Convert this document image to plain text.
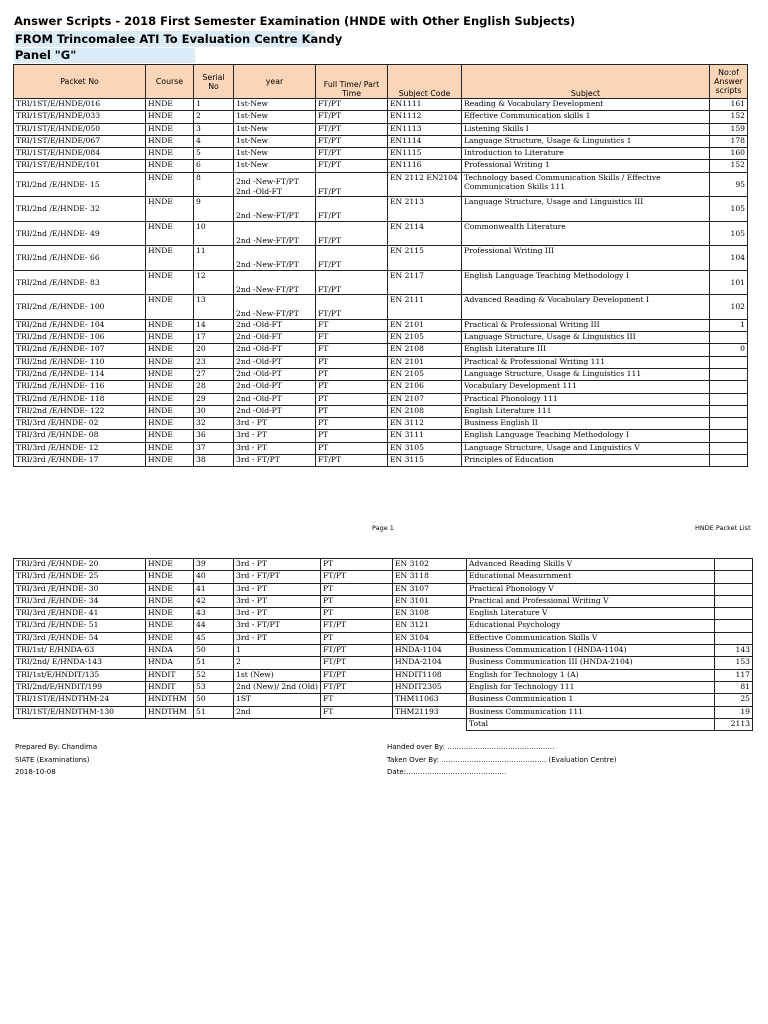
Answer Scripts - 2018 First Semester Examination (HNDE with Other English Subjects)
FROM Trincomalee ATI To Evaluation Centre Kandy
Panel "G"
Packet No	Course	Serial No	year	Full Time/ Part Time	Subject Code	Subject	No:of Answer scripts
TRI/1ST/E/HNDE/016	HNDE	1	1st-New	FT/PT	EN1111	Reading & Vocabulary Development	161
TRI/1ST/E/HNDE/033	HNDE	2	1st-New	FT/PT	EN1112	Effective Communication skills 1	152
TRI/1ST/E/HNDE/050	HNDE	3	1st-New	FT/PT	EN1113	Listening Skills I	159
TRI/1ST/E/HNDE/067	HNDE	4	1st-New	FT/PT	EN1114	Language Structure, Usage & Linguistics 1	178
TRI/1ST/E/HNDE/084	HNDE	5	1st-New	FT/PT	EN1115	Introduction to Literature	160
TRI/1ST/E/HNDE/101	HNDE	6	1st-New	FT/PT	EN1116	Professional Writing 1	152
TRI/2nd /E/HNDE- 15	HNDE	8	2nd -New-FT/PT 2nd -Old-FT	FT/PT	EN 2112 EN2104	Technology based Communication Skills / Effective Communication Skills 111	95
TRI/2nd /E/HNDE- 32	HNDE	9	2nd -New-FT/PT	FT/PT	EN 2113	Language Structure, Usage and Linguistics III	105
TRI/2nd /E/HNDE- 49	HNDE	10	2nd -New-FT/PT	FT/PT	EN 2114	Commonwealth Literature	105
TRI/2nd /E/HNDE- 66	HNDE	11	2nd -New-FT/PT	FT/PT	EN 2115	Professional Writing III	104
TRI/2nd /E/HNDE- 83	HNDE	12	2nd -New-FT/PT	FT/PT	EN 2117	English Language Teaching Methodology I	101
TRI/2nd /E/HNDE- 100	HNDE	13	2nd -New-FT/PT	FT/PT	EN 2111	Advanced Reading & Vocabulary Development I	102
TRI/2nd /E/HNDE- 104	HNDE	14	2nd -Old-FT	FT	EN 2101	Practical & Professional Writing III	1
TRI/2nd /E/HNDE- 106	HNDE	17	2nd -Old-FT	FT	EN 2105	Language Structure, Usage & Linguistics III	
TRI/2nd /E/HNDE- 107	HNDE	20	2nd -Old-FT	FT	EN 2108	English Literature III	0
TRI/2nd /E/HNDE- 110	HNDE	23	2nd -Old-PT	PT	EN 2101	Practical & Professional Writing 111	
TRI/2nd /E/HNDE- 114	HNDE	27	2nd -Old-PT	PT	EN 2105	Language Structure, Usage & Linguistics 111	
TRI/2nd /E/HNDE- 116	HNDE	28	2nd -Old-PT	PT	EN 2106	Vocabulary Development 111	
TRI/2nd /E/HNDE- 118	HNDE	29	2nd -Old-PT	PT	EN 2107	Practical Phonology 111	
TRI/2nd /E/HNDE- 122	HNDE	30	2nd -Old-PT	PT	EN 2108	English Literature 111	
TRI/3rd /E/HNDE- 02	HNDE	32	3rd - PT	PT	EN 3112	Business English II	
TRI/3rd /E/HNDE- 08	HNDE	36	3rd - PT	PT	EN 3111	English Language Teaching Methodology I	
TRI/3rd /E/HNDE- 12	HNDE	37	3rd - PT	PT	EN 3105	Language Structure, Usage and Linguistics V	
TRI/3rd /E/HNDE- 17	HNDE	38	3rd - FT/PT	FT/PT	EN 3115	Principles of Education	
Page 1	HNDE Packet List
TRI/3rd /E/HNDE- 20	HNDE	39	3rd - PT	PT	EN 3102	Advanced Reading Skills V	
TRI/3rd /E/HNDE- 25	HNDE	40	3rd - FT/PT	FT/PT	EN 3118	Educational Measurnment	
TRI/3rd /E/HNDE- 30	HNDE	41	3rd - PT	PT	EN 3107	Practical Phonology V	
TRI/3rd /E/HNDE- 34	HNDE	42	3rd - PT	PT	EN 3101	Practical and Professional Writing V	
TRI/3rd /E/HNDE- 41	HNDE	43	3rd - PT	PT	EN 3108	English Literature V	
TRI/3rd /E/HNDE- 51	HNDE	44	3rd - FT/PT	FT/PT	EN 3121	Educational Psychology	
TRI/3rd /E/HNDE- 54	HNDE	45	3rd - PT	PT	EN 3104	Effective Communication Skills V	
TRI/1st/ E/HNDA-63	HNDA	50	1	FT/PT	HNDA-1104	Business Communication I (HNDA-1104)	143
TRI/2nd/ E/HNDA-143	HNDA	51	2	FT/PT	HNDA-2104	Business Communication III (HNDA-2104)	153
TRI/1st/E/HNDIT/135	HNDIT	52	1st (New)	FT/PT	HNDIT1108	English for Technology 1 (A)	117
TRI/2nd/E/HNDIT/199	HNDIT	53	2nd (New)/ 2nd (Old)	FT/PT	HNDIT2305	English for Technology 111	81
TRI/1ST/E/HNDTHM-24	HNDTHM	50	1ST	FT	THM11063	Business Communication 1	25
TRI/1ST/E/HNDTHM-130	HNDTHM	51	2nd	FT	THM21193	Business Communication 111	19
						Total	2113
Prepared By: Chandima
SIATE (Examinations)
2018-10-08
Handed over By: ……………………………………….
Taken Over By: ……………………………………… (Evaluation Centre)
Date:…………………………………….
